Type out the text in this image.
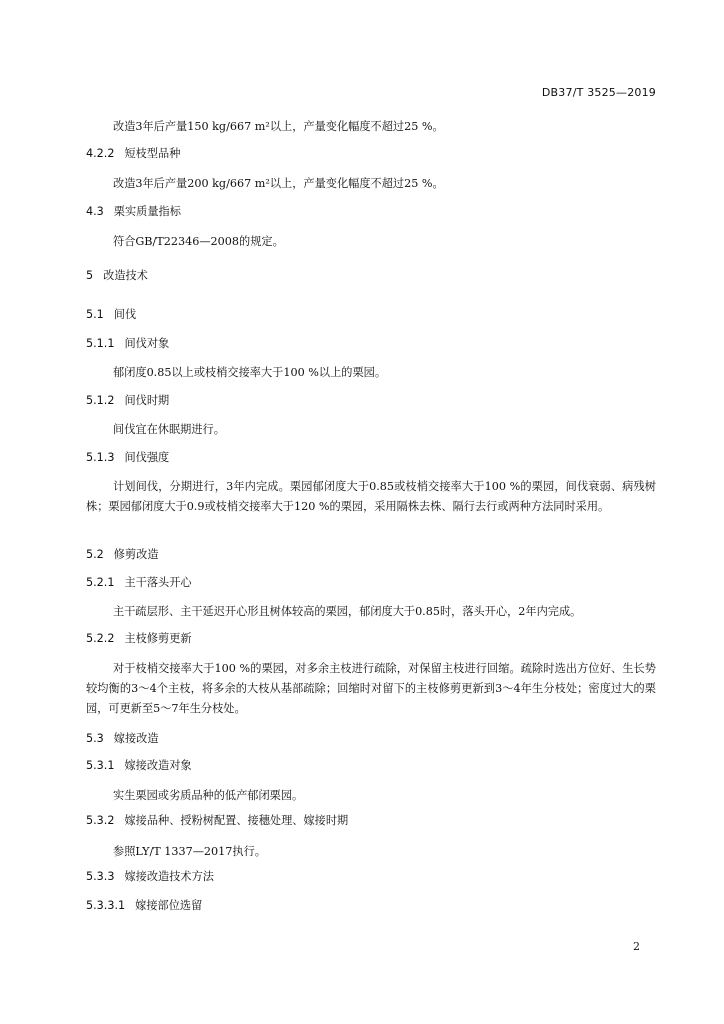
DB37/T 3525—2019

改造3年后产量150 kg/667 m²以上，产量变化幅度不超过25 %。

4.2.2 短枝型品种

改造3年后产量200 kg/667 m²以上，产量变化幅度不超过25 %。

4.3 栗实质量指标

符合GB/T22346—2008的规定。

5 改造技术

5.1 间伐

5.1.1 间伐对象

郁闭度0.85以上或枝梢交接率大于100 %以上的栗园。

5.1.2 间伐时期

间伐宜在休眠期进行。

5.1.3 间伐强度

计划间伐，分期进行，3年内完成。栗园郁闭度大于0.85或枝梢交接率大于100 %的栗园，间伐衰弱、病残树株；栗园郁闭度大于0.9或枝梢交接率大于120 %的栗园，采用隔株去株、隔行去行或两种方法同时采用。

5.2 修剪改造

5.2.1 主干落头开心

主干疏层形、主干延迟开心形且树体较高的栗园，郁闭度大于0.85时，落头开心，2年内完成。

5.2.2 主枝修剪更新

对于枝梢交接率大于100 %的栗园，对多余主枝进行疏除，对保留主枝进行回缩。疏除时选出方位好、生长势较均衡的3～4个主枝，将多余的大枝从基部疏除；回缩时对留下的主枝修剪更新到3～4年生分枝处；密度过大的栗园，可更新至5～7年生分枝处。

5.3 嫁接改造

5.3.1 嫁接改造对象

实生栗园或劣质品种的低产郁闭栗园。

5.3.2 嫁接品种、授粉树配置、接穗处理、嫁接时期

参照LY/T 1337—2017执行。

5.3.3 嫁接改造技术方法

5.3.3.1 嫁接部位选留

2
